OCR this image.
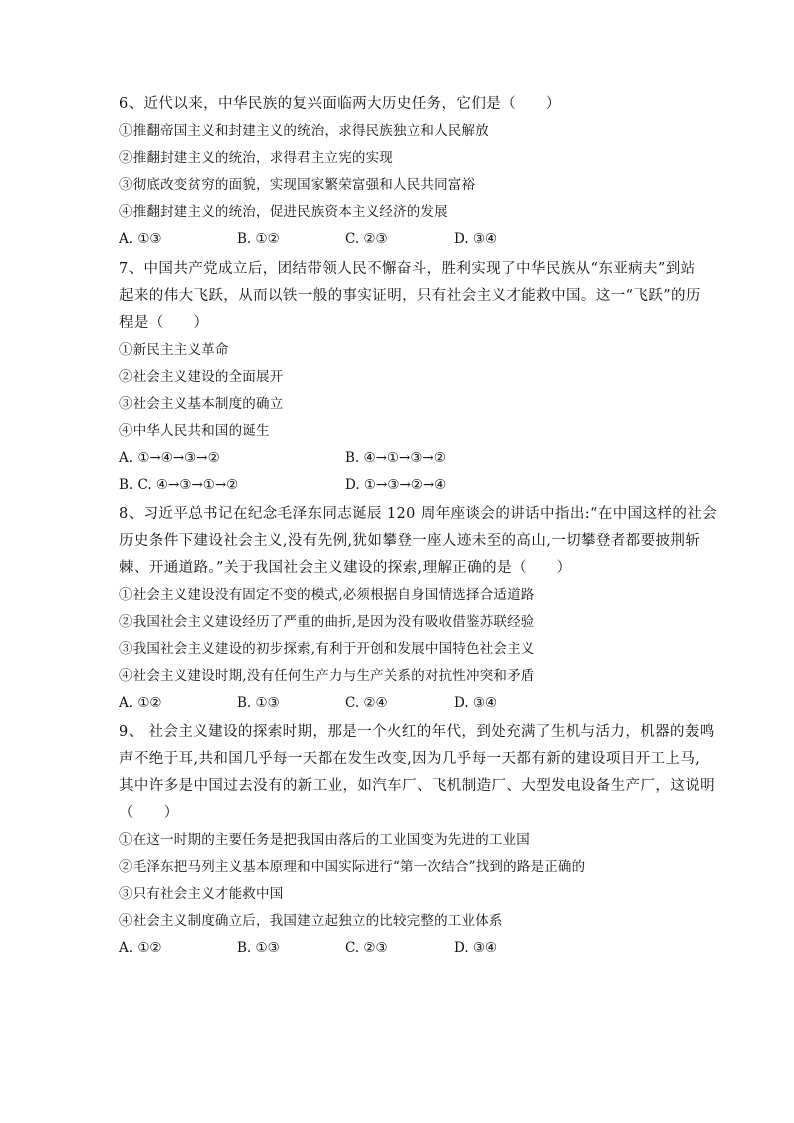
6、近代以来，中华民族的复兴面临两大历史任务，它们是（　　）
①推翻帝国主义和封建主义的统治，求得民族独立和人民解放
②推翻封建主义的统治，求得君主立宪的实现
③彻底改变贫穷的面貌，实现国家繁荣富强和人民共同富裕
④推翻封建主义的统治，促进民族资本主义经济的发展
A. ①③	B. ①②	C. ②③	D. ③④
7、中国共产党成立后，团结带领人民不懈奋斗，胜利实现了中华民族从“东亚病夫”到站
起来的伟大飞跃，从而以铁一般的事实证明，只有社会主义才能救中国。这一“飞跃”的历
程是（　　）
①新民主主义革命
②社会主义建设的全面展开
③社会主义基本制度的确立
④中华人民共和国的诞生
A. ①→④→③→②	B. ④→①→③→②
B. C. ④→③→①→②	D. ①→③→②→④
8、习近平总书记在纪念毛泽东同志诞辰 120 周年座谈会的讲话中指出:“在中国这样的社会
历史条件下建设社会主义,没有先例,犹如攀登一座人迹未至的高山,一切攀登者都要披荆斩
棘、开通道路。”关于我国社会主义建设的探索,理解正确的是（　　）
①社会主义建设没有固定不变的模式,必须根据自身国情选择合适道路
②我国社会主义建设经历了严重的曲折,是因为没有吸收借鉴苏联经验
③我国社会主义建设的初步探索,有利于开创和发展中国特色社会主义
④社会主义建设时期,没有任何生产力与生产关系的对抗性冲突和矛盾
A. ①②	B. ①③	C. ②④	D. ③④
9、 社会主义建设的探索时期，那是一个火红的年代，到处充满了生机与活力，机器的轰鸣
声不绝于耳,共和国几乎每一天都在发生改变,因为几乎每一天都有新的建设项目开工上马,
其中许多是中国过去没有的新工业，如汽车厂、飞机制造厂、大型发电设备生产厂，这说明
（　　）
①在这一时期的主要任务是把我国由落后的工业国变为先进的工业国
②毛泽东把马列主义基本原理和中国实际进行“第一次结合”找到的路是正确的
③只有社会主义才能救中国
④社会主义制度确立后，我国建立起独立的比较完整的工业体系
A. ①②	B. ①③	C. ②③	D. ③④
